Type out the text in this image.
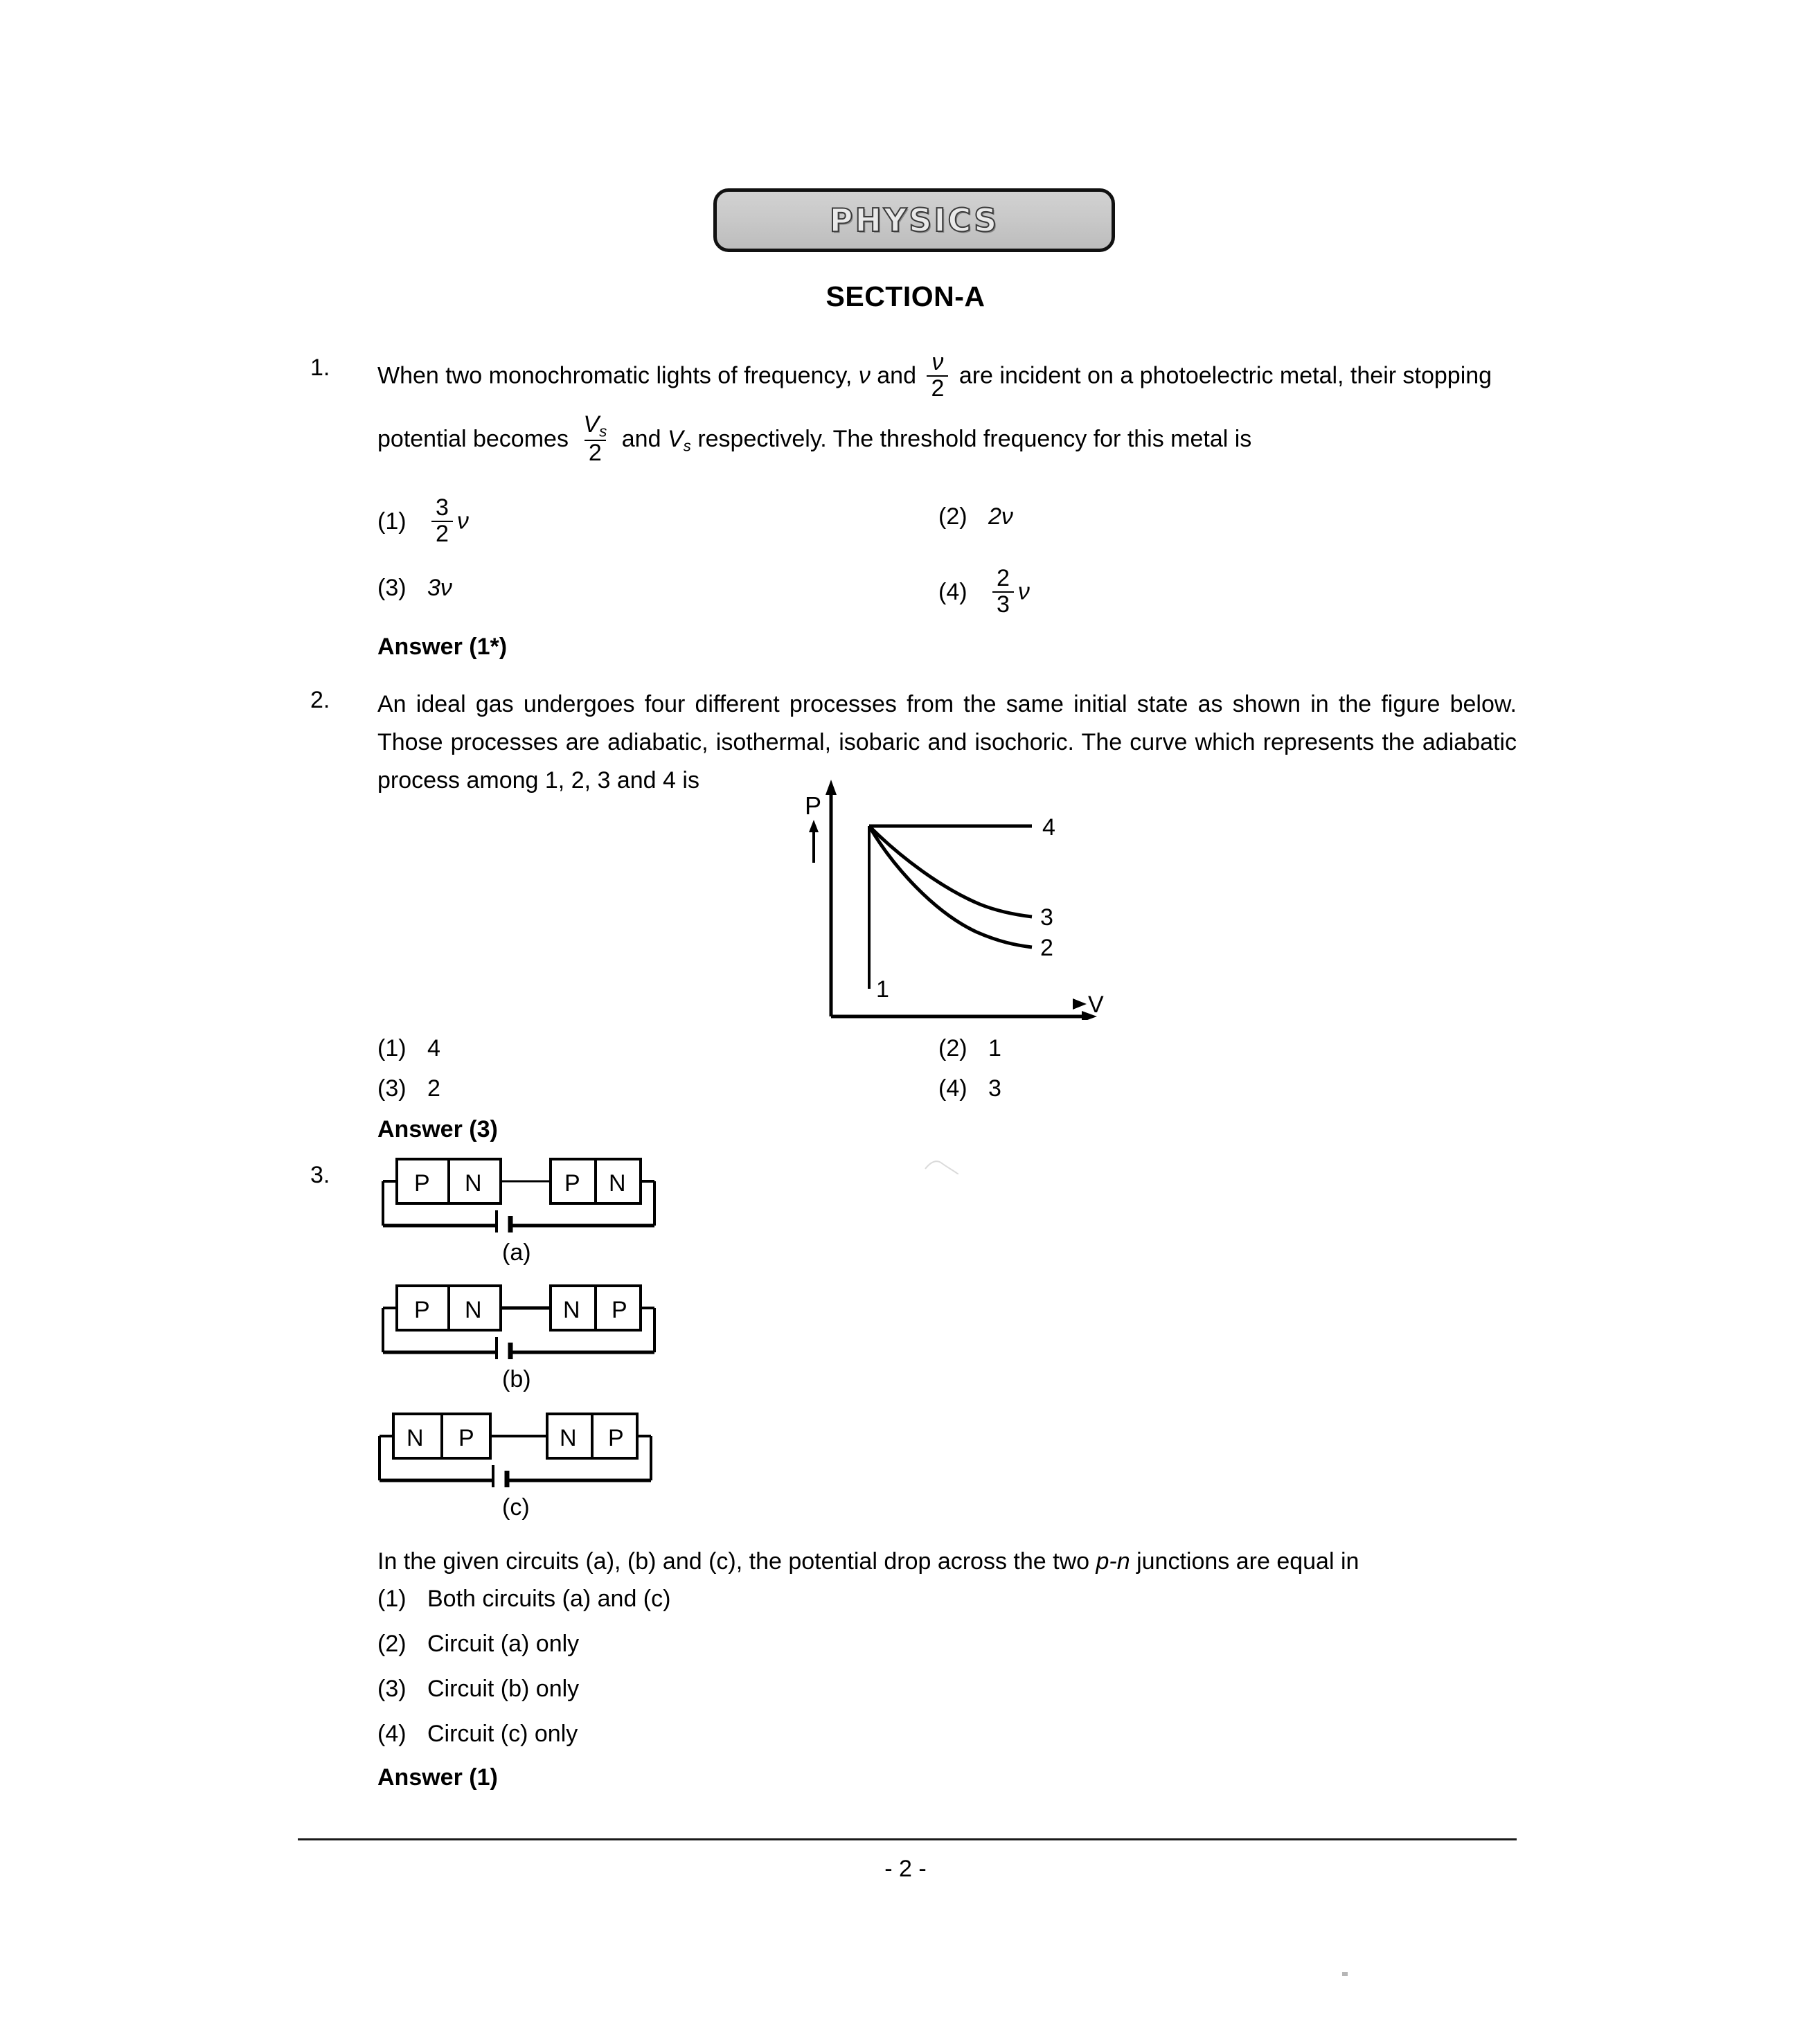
PHYSICS
SECTION-A
1. When two monochromatic lights of frequency, ν and $\frac{\nu}{2}$ are incident on a photoelectric metal, their stopping
potential becomes $\frac{V_s}{2}$ and $V_s$ respectively. The threshold frequency for this metal is
$(1) \frac{3}{2}$ ν	(2) 2ν
(3) 3ν	$(4) \frac{2}{3}$ ν
Answer (1*)
2. An ideal gas undergoes four different processes from the same initial state as shown in the figure below. Those processes are adiabatic, isothermal, isobaric and isochoric. The curve which represents the adiabatic process among 1, 2, 3 and 4 is
P
4
3
2
1
V
(1) 4	(2) 1
(3) 2	(4) 3
Answer (3)
3.	P N	P N
(a)
P N	N P
(b)
N P	N P
(c)
In the given circuits (a), (b) and (c), the potential drop across the two p-n junctions are equal in
(1) Both circuits (a) and (c)
(2) Circuit (a) only
(3) Circuit (b) only
(4) Circuit (c) only
Answer (1)
- 2 -
